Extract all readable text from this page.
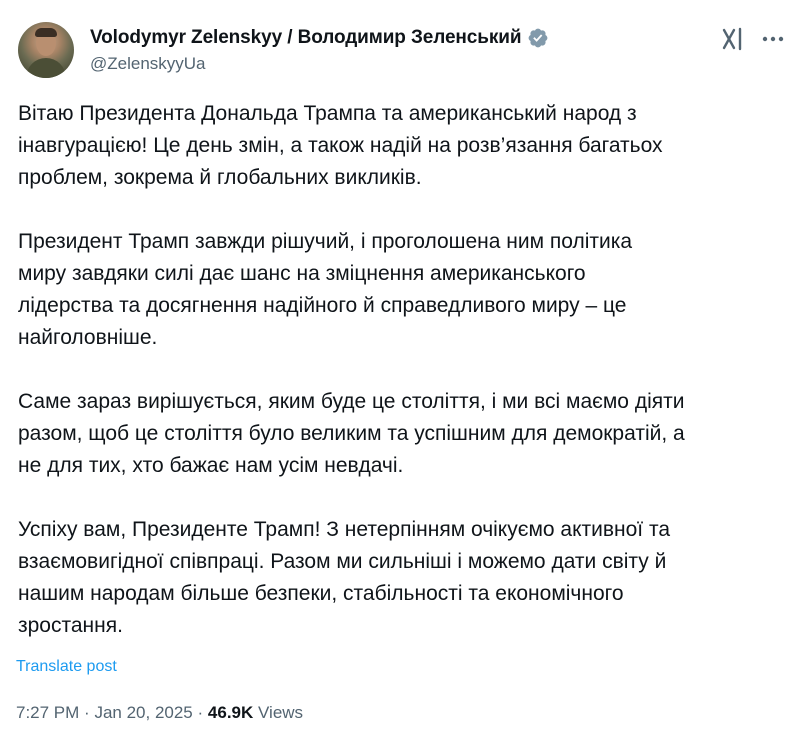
Volodymyr Zelenskyy / Володимир Зеленський
@ZelenskyyUa

Вітаю Президента Дональда Трампа та американський народ з
інавгурацією! Це день змін, а також надій на розв’язання багатьох
проблем, зокрема й глобальних викликів.

Президент Трамп завжди рішучий, і проголошена ним політика
миру завдяки силі дає шанс на зміцнення американського
лідерства та досягнення надійного й справедливого миру – це
найголовніше.

Саме зараз вирішується, яким буде це століття, і ми всі маємо діяти
разом, щоб це століття було великим та успішним для демократій, а
не для тих, хто бажає нам усім невдачі.

Успіху вам, Президенте Трамп! З нетерпінням очікуємо активної та
взаємовигідної співпраці. Разом ми сильніші і можемо дати світу й
нашим народам більше безпеки, стабільності та економічного
зростання.

Translate post
7:27 PM · Jan 20, 2025 · 46.9K Views
